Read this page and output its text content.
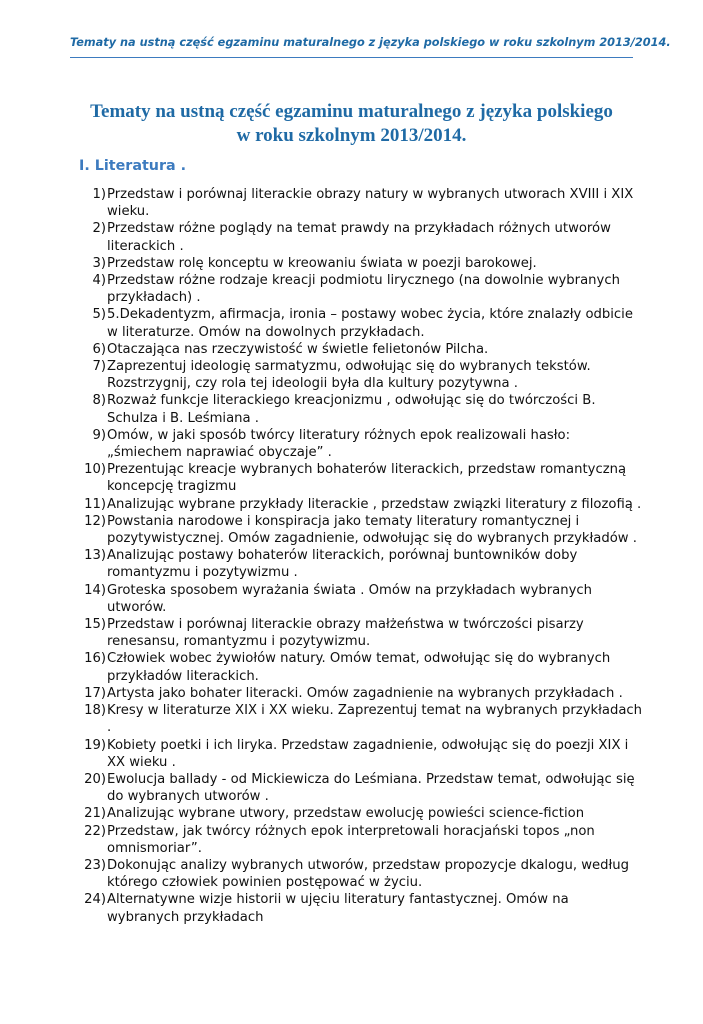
Tematy na ustną część egzaminu maturalnego z języka polskiego w roku szkolnym 2013/2014.
Tematy na ustną część egzaminu maturalnego z języka polskiego
w roku szkolnym 2013/2014.
I. Literatura .
1) Przedstaw i porównaj literackie obrazy natury w wybranych utworach XVIII i XIX wieku.
2) Przedstaw różne poglądy na temat prawdy na przykładach różnych utworów literackich .
3) Przedstaw rolę konceptu w kreowaniu świata w poezji barokowej.
4) Przedstaw różne rodzaje kreacji podmiotu lirycznego (na dowolnie wybranych przykładach) .
5) 5.Dekadentyzm, afirmacja, ironia – postawy wobec życia, które znalazły odbicie w literaturze. Omów na dowolnych przykładach.
6) Otaczająca nas rzeczywistość w świetle felietonów Pilcha.
7) Zaprezentuj ideologię sarmatyzmu, odwołując się do wybranych tekstów. Rozstrzygnij, czy rola tej ideologii była dla kultury pozytywna .
8) Rozważ funkcje literackiego kreacjonizmu , odwołując się do twórczości B. Schulza i B. Leśmiana .
9) Omów, w jaki sposób twórcy literatury różnych epok realizowali hasło: „śmiechem naprawiać obyczaje” .
10) Prezentując kreacje wybranych bohaterów literackich, przedstaw romantyczną koncepcję tragizmu
11) Analizując wybrane przykłady literackie , przedstaw związki literatury z filozofią .
12) Powstania narodowe i konspiracja jako tematy literatury romantycznej i pozytywistycznej. Omów zagadnienie, odwołując się do wybranych przykładów .
13) Analizując postawy bohaterów literackich, porównaj buntowników doby romantyzmu i pozytywizmu .
14) Groteska sposobem wyrażania świata . Omów na przykładach wybranych utworów.
15) Przedstaw i porównaj literackie obrazy małżeństwa w twórczości pisarzy renesansu, romantyzmu i pozytywizmu.
16) Człowiek wobec żywiołów natury. Omów temat, odwołując się do wybranych przykładów literackich.
17) Artysta jako bohater literacki. Omów zagadnienie na wybranych przykładach .
18) Kresy w literaturze XIX i XX wieku. Zaprezentuj temat na wybranych przykładach .
19) Kobiety poetki i ich liryka. Przedstaw zagadnienie, odwołując się do poezji XIX i XX wieku .
20) Ewolucja ballady - od Mickiewicza do Leśmiana. Przedstaw temat, odwołując się do wybranych utworów .
21) Analizując wybrane utwory, przedstaw ewolucję powieści science-fiction
22) Przedstaw, jak twórcy różnych epok interpretowali horacjański topos „non omnismoriar”.
23) Dokonując analizy wybranych utworów, przedstaw propozycje dkalogu, według którego człowiek powinien postępować w życiu.
24) Alternatywne wizje historii w ujęciu literatury fantastycznej. Omów na wybranych przykładach
